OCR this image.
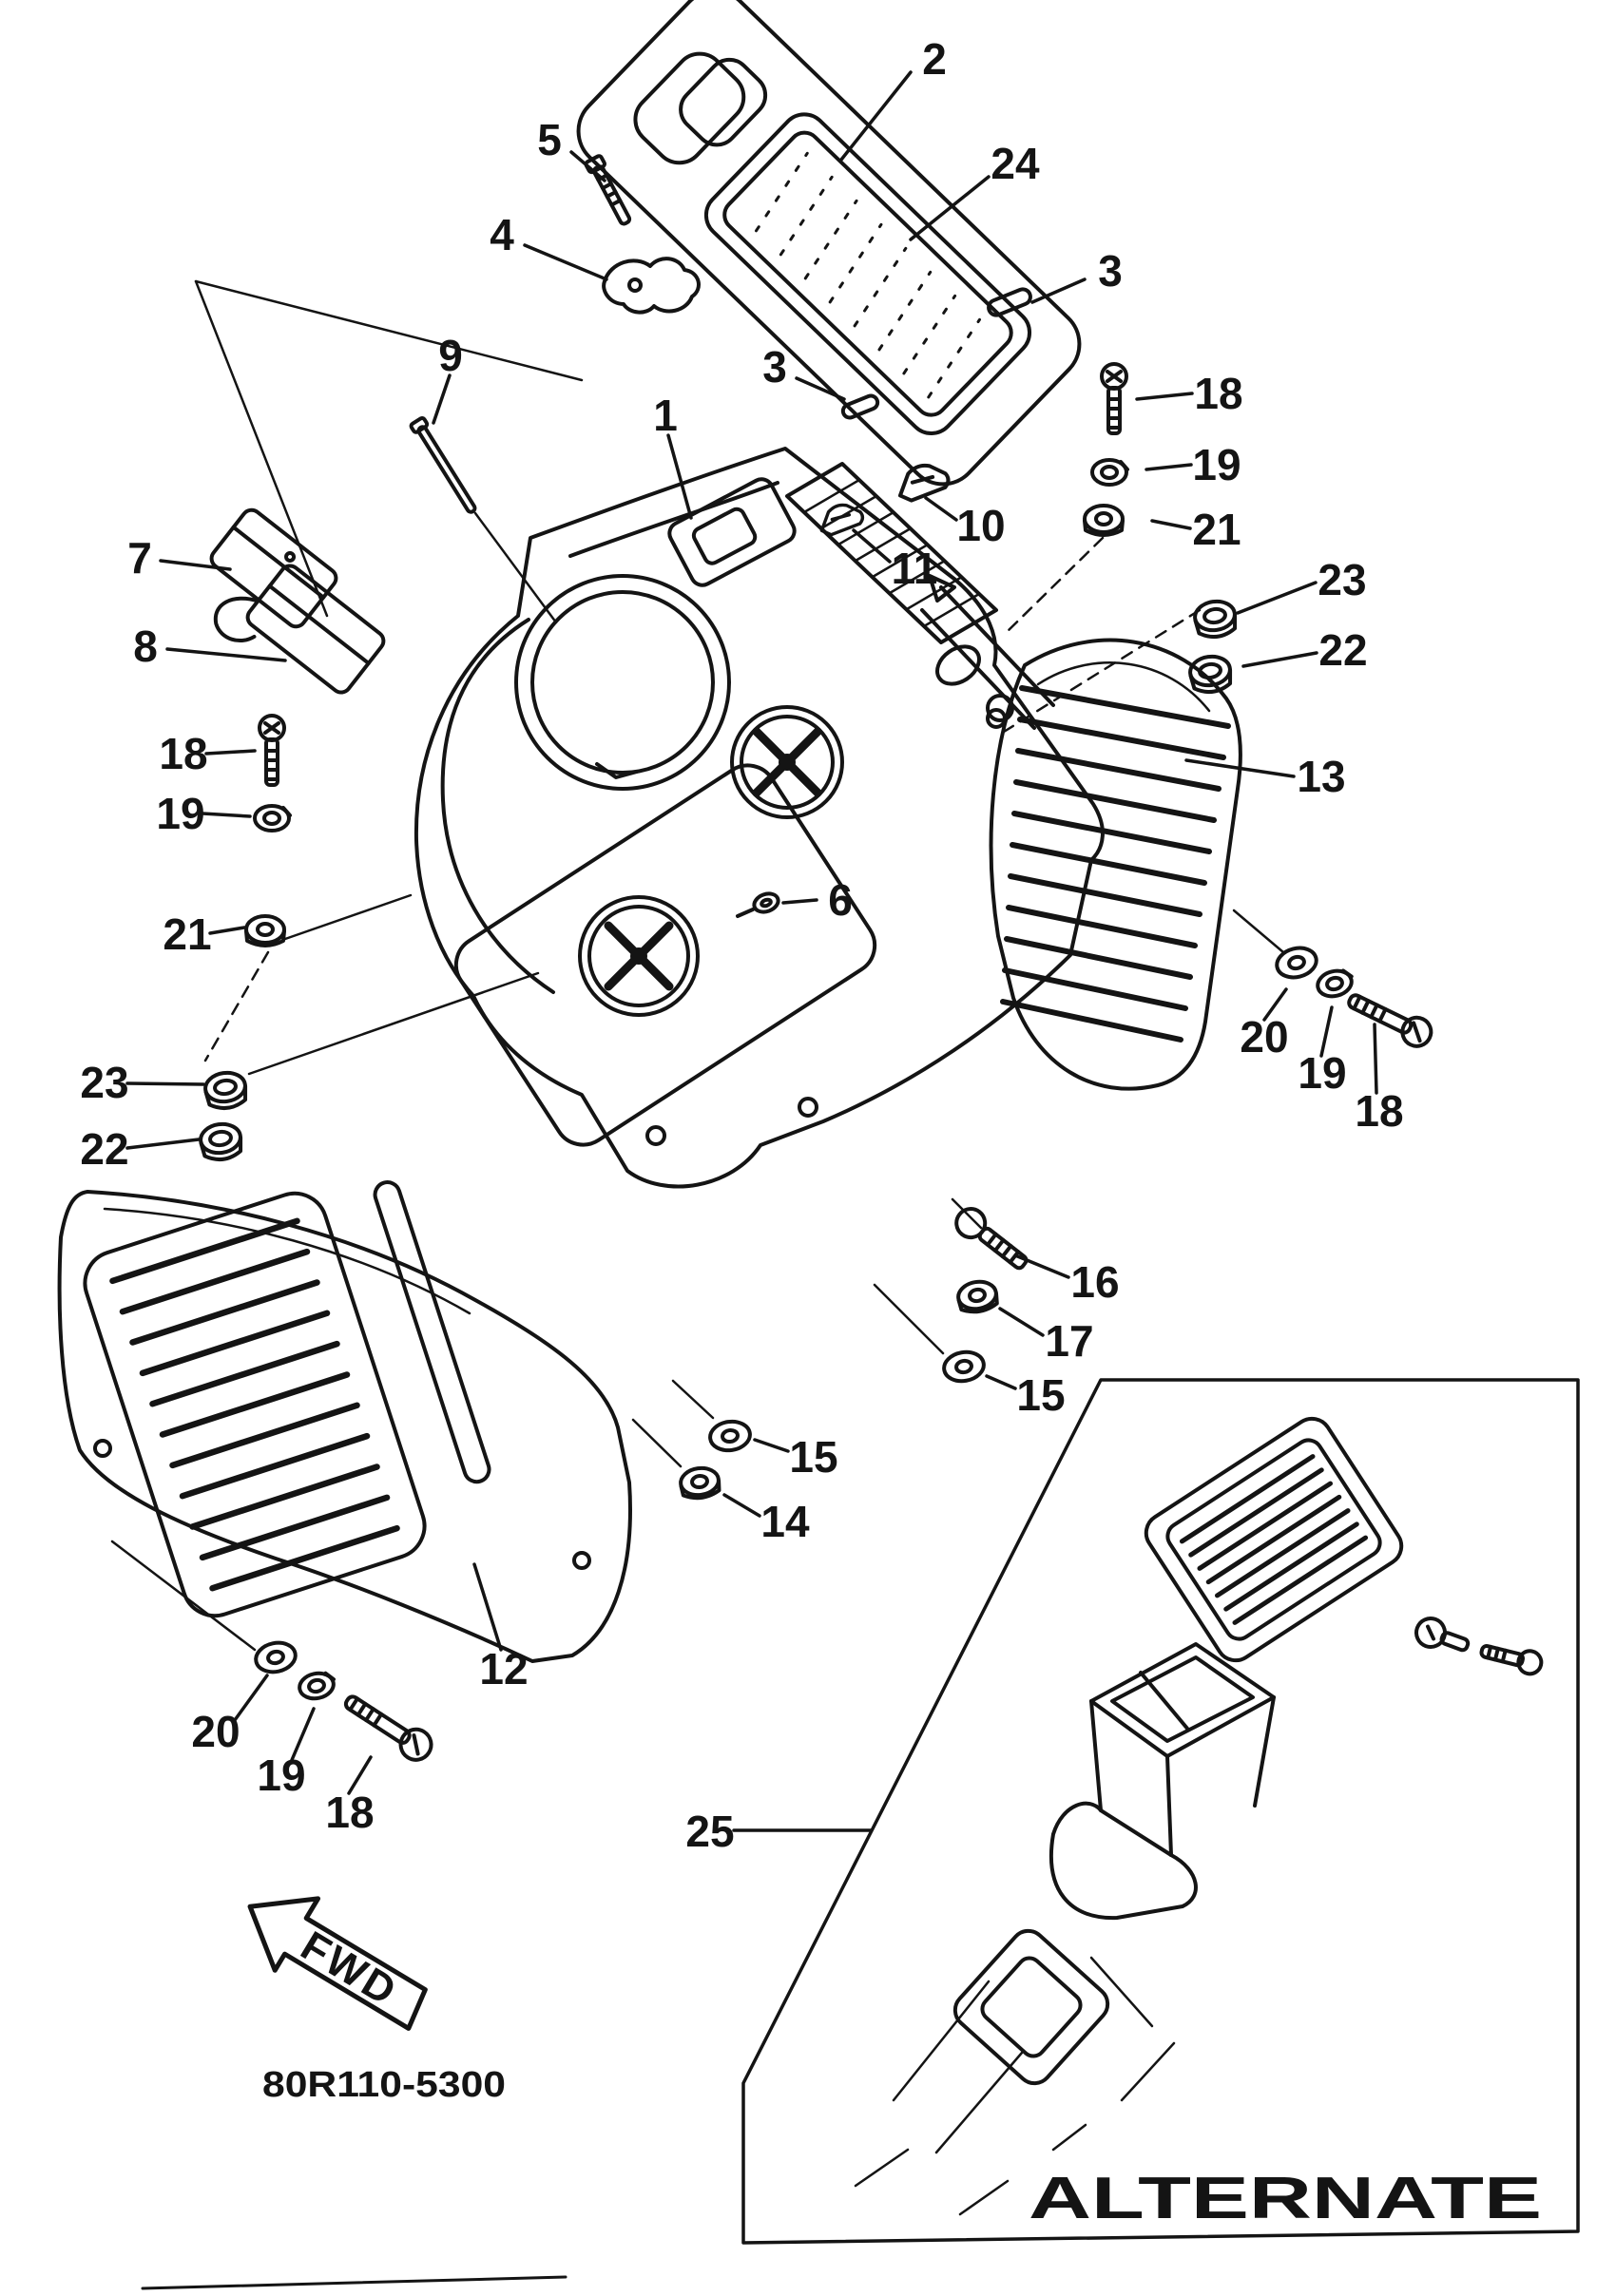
ALTERNATE
FWD
80R110-5300
2
24
3
5
4
9	3
1
10
11
18
19
21
23
22
13
7
8
18
19
21
6
23
22
16
17
15
15
14
12
20
19
18
20
19
18
25
